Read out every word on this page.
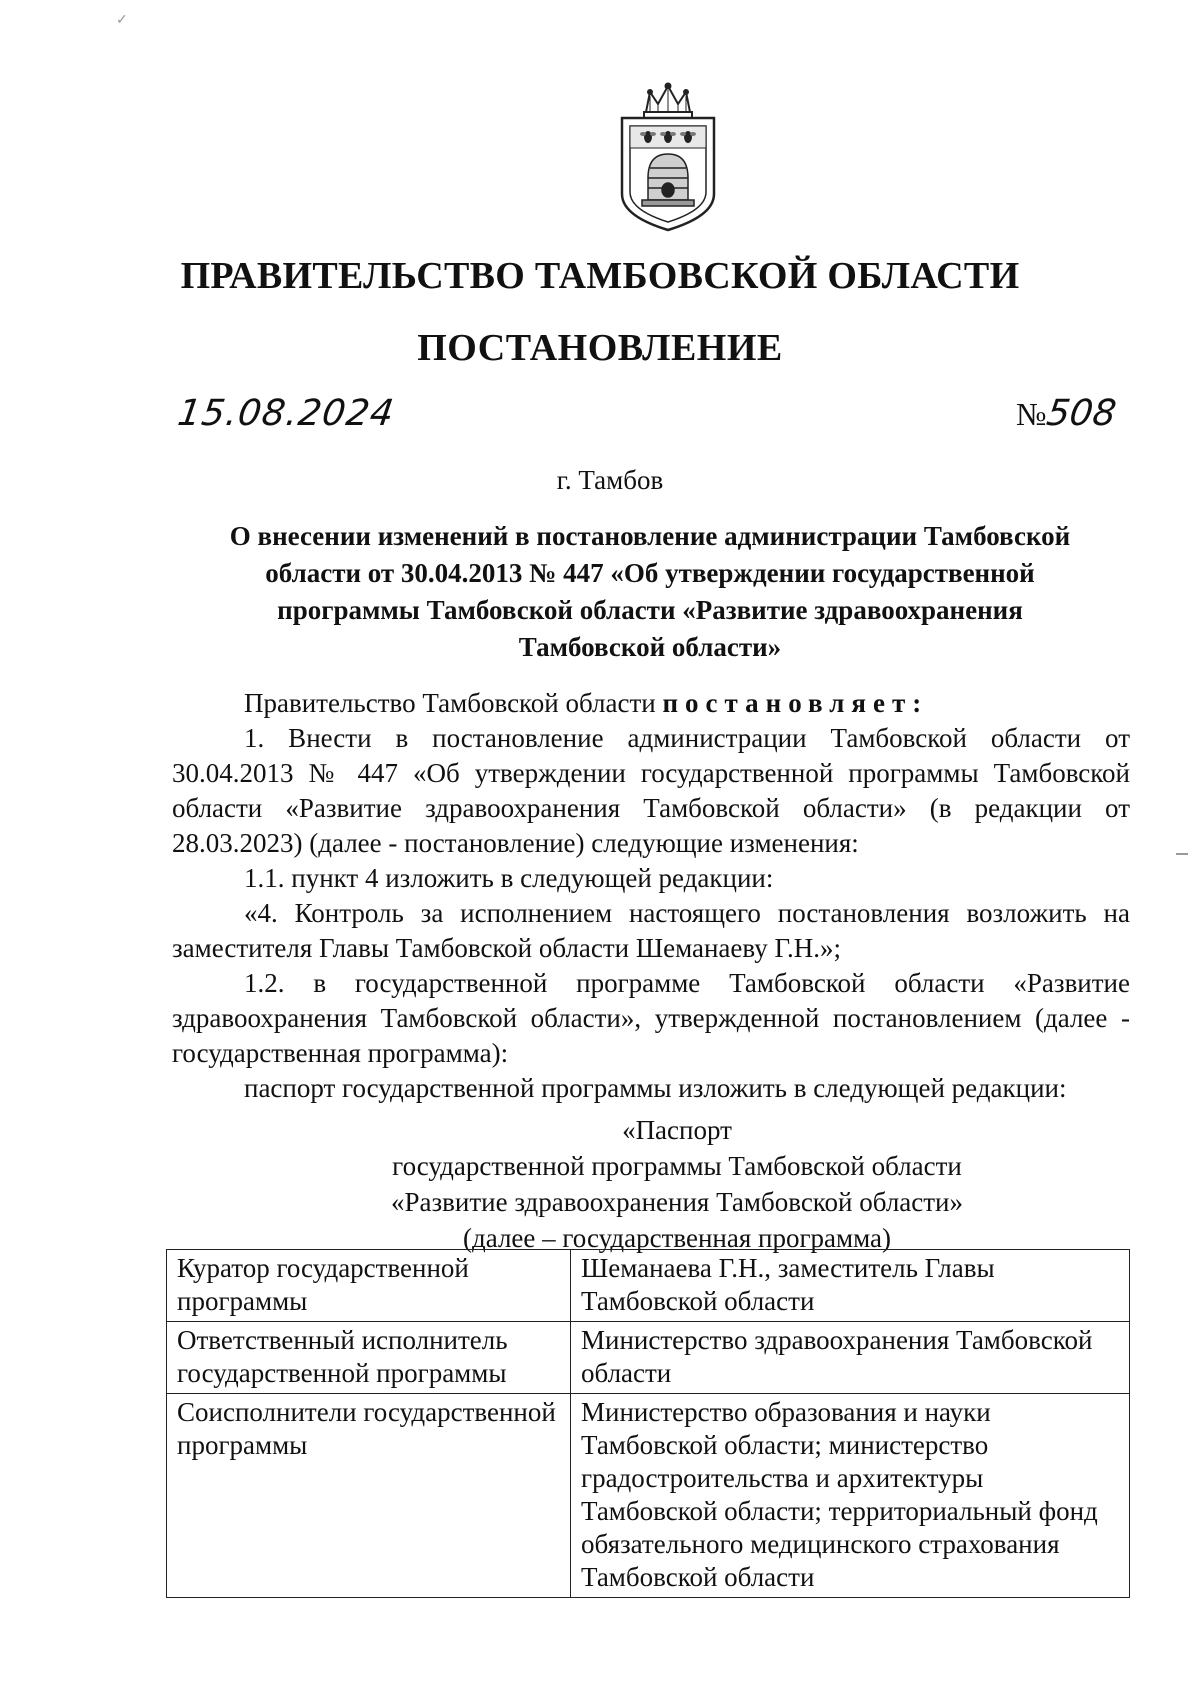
✓
ПРАВИТЕЛЬСТВО ТАМБОВСКОЙ ОБЛАСТИ
ПОСТАНОВЛЕНИЕ
15.08.2024	№508
г. Тамбов
О внесении изменений в постановление администрации Тамбовской
области от 30.04.2013 № 447 «Об утверждении государственной
программы Тамбовской области «Развитие здравоохранения
Тамбовской области»

Правительство Тамбовской области постановляет:

1. Внести в постановление администрации Тамбовской области от 30.04.2013 № 447 «Об утверждении государственной программы Тамбовской области «Развитие здравоохранения Тамбовской области» (в редакции от 28.03.2023) (далее - постановление) следующие изменения:

1.1. пункт 4 изложить в следующей редакции:

«4. Контроль за исполнением настоящего постановления возложить на заместителя Главы Тамбовской области Шеманаеву Г.Н.»;

1.2. в государственной программе Тамбовской области «Развитие здравоохранения Тамбовской области», утвержденной постановлением (далее - государственная программа):

паспорт государственной программы изложить в следующей редакции:

«Паспорт
государственной программы Тамбовской области
«Развитие здравоохранения Тамбовской области»
(далее – государственная программа)
Куратор государственной программы	Шеманаева Г.Н., заместитель Главы Тамбовской области
Ответственный исполнитель государственной программы	Министерство здравоохранения Тамбовской области
Соисполнители государственной программы	Министерство образования и науки Тамбовской области; министерство градостроительства и архитектуры Тамбовской области; территориальный фонд обязательного медицинского страхования Тамбовской области
